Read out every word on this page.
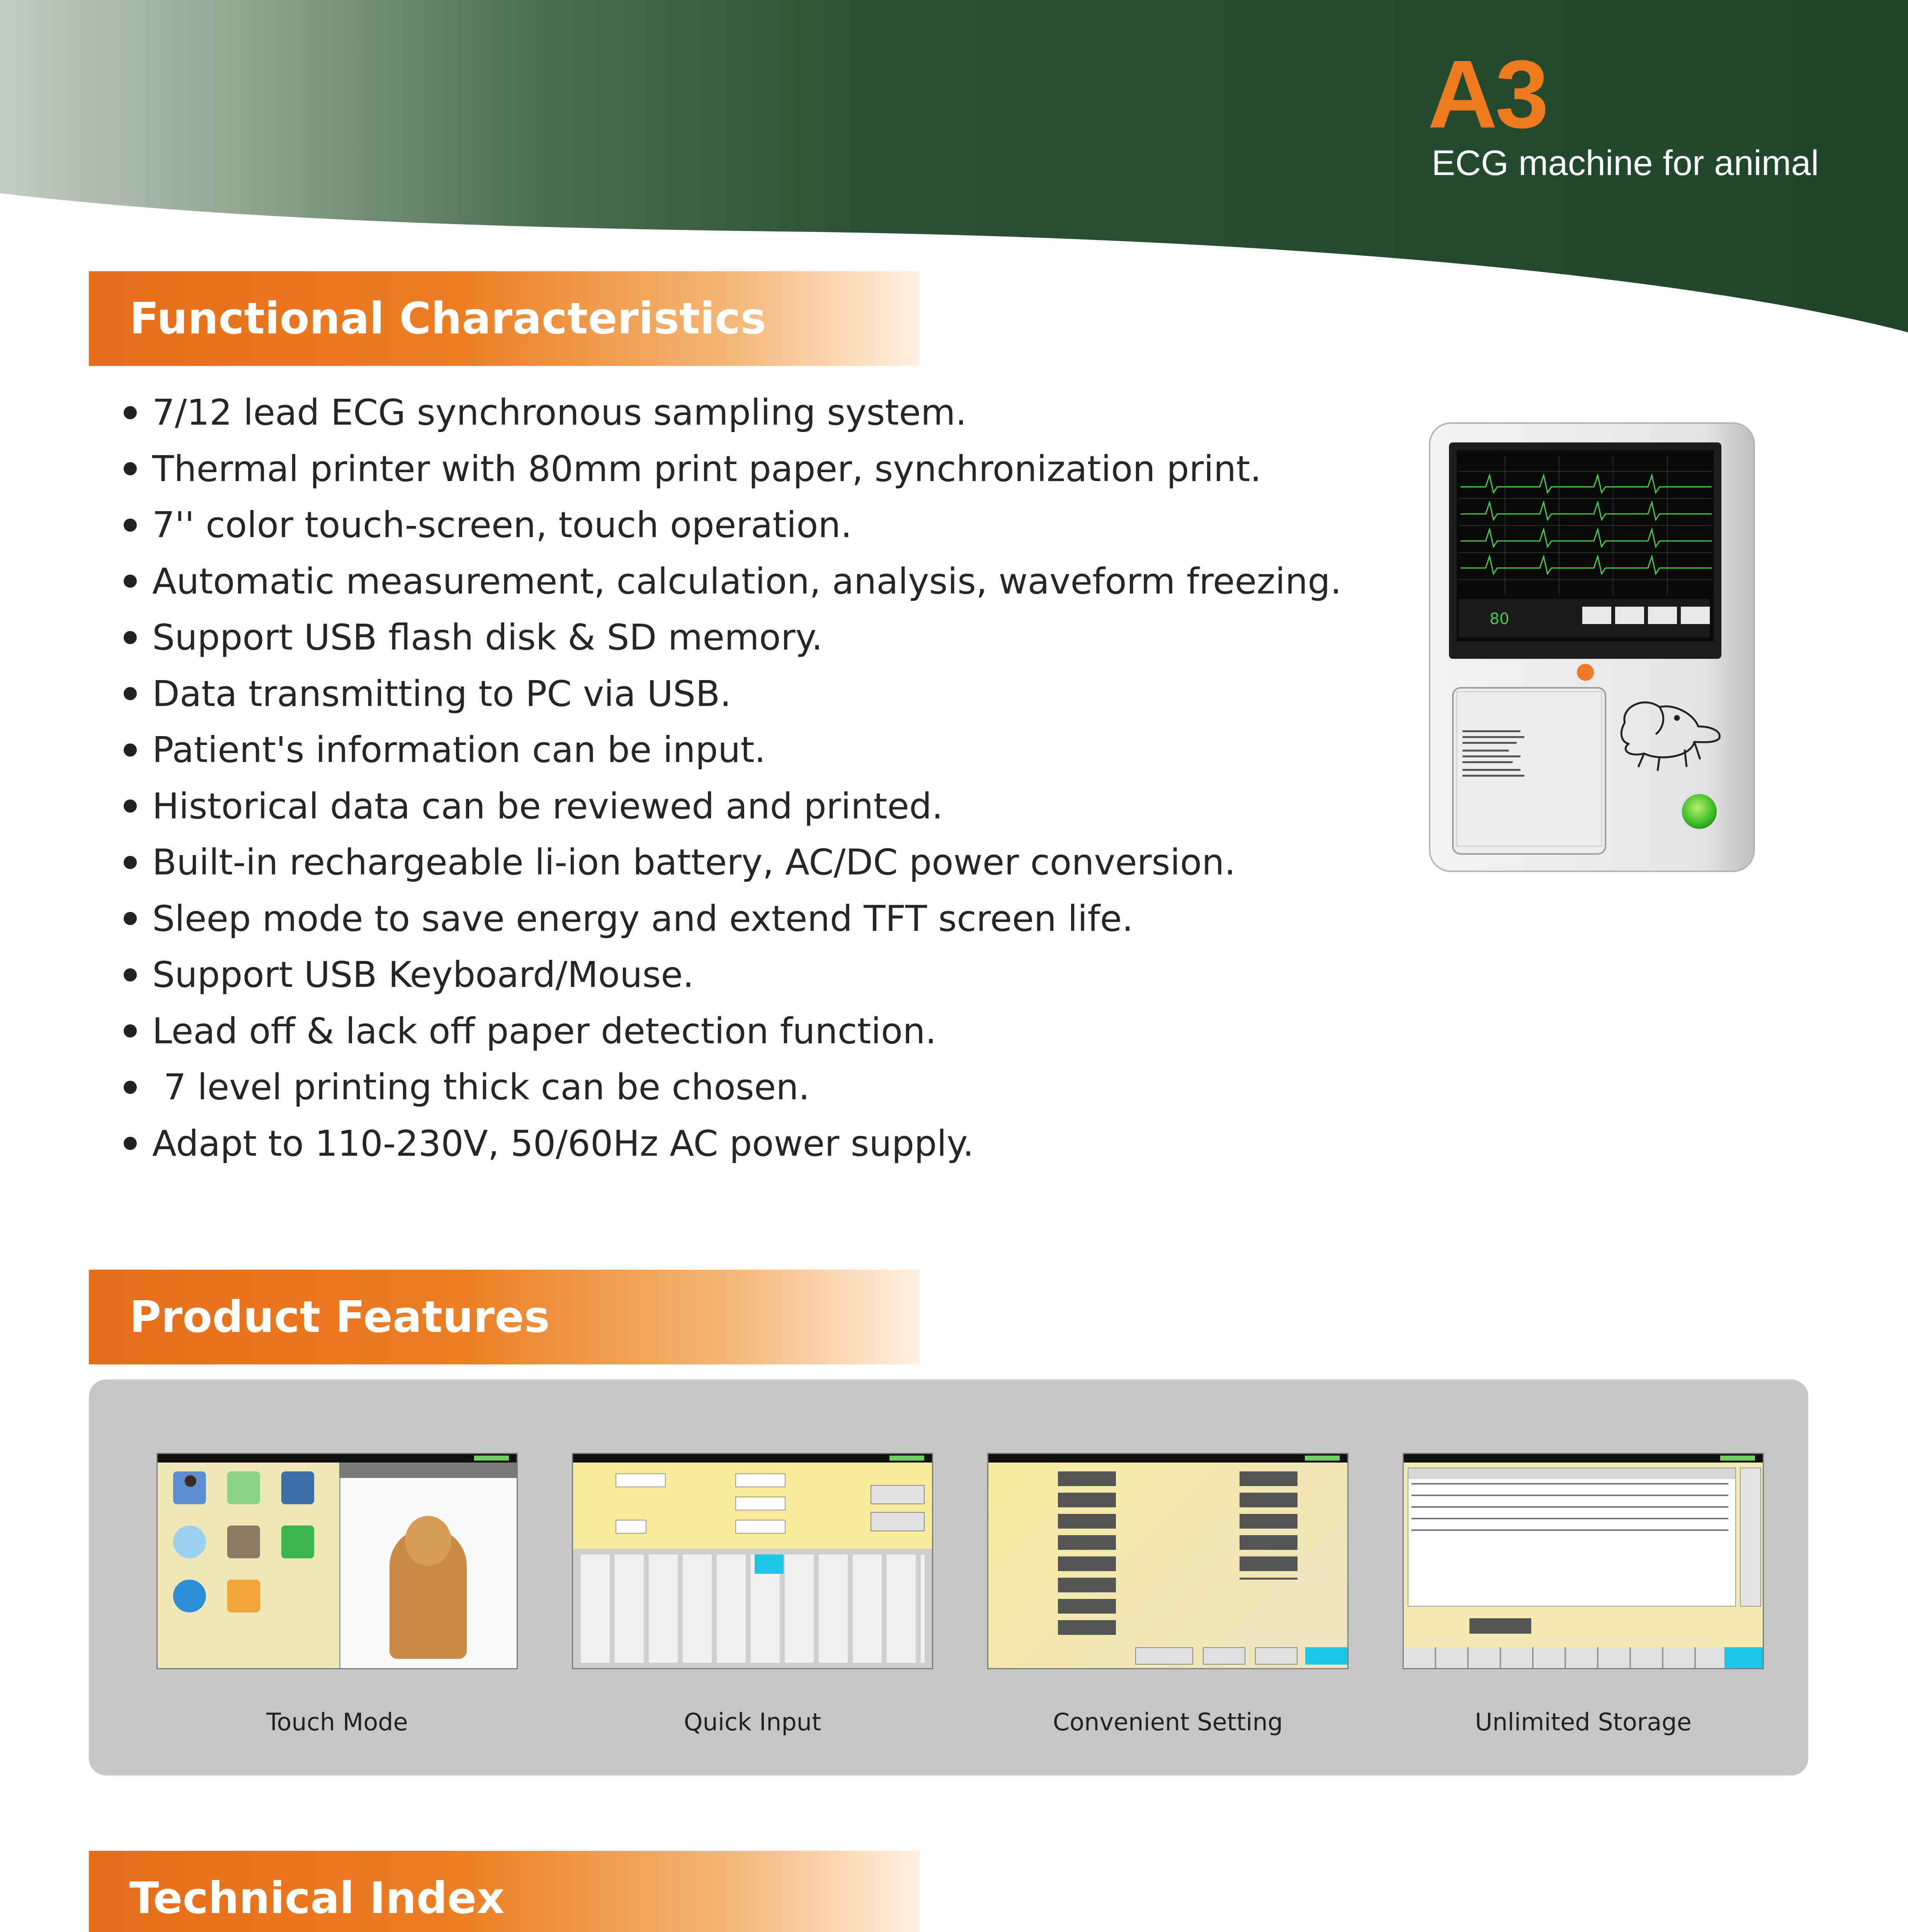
A3
ECG machine for animal
Functional Characteristics
7/12 lead ECG synchronous sampling system.
Thermal printer with 80mm print paper, synchronization print.
7'' color touch-screen, touch operation.
Automatic measurement, calculation, analysis, waveform freezing.
Support USB flash disk & SD memory.
Data transmitting to PC via USB.
Patient's information can be input.
Historical data can be reviewed and printed.
Built-in rechargeable li-ion battery, AC/DC power conversion.
Sleep mode to save energy and extend TFT screen life.
Support USB Keyboard/Mouse.
Lead off & lack off paper detection function.
7 level printing thick can be chosen.
Adapt to 110-230V, 50/60Hz AC power supply.
80
Product Features
Touch Mode	Quick Input	Convenient Setting	Unlimited Storage
Technical Index
